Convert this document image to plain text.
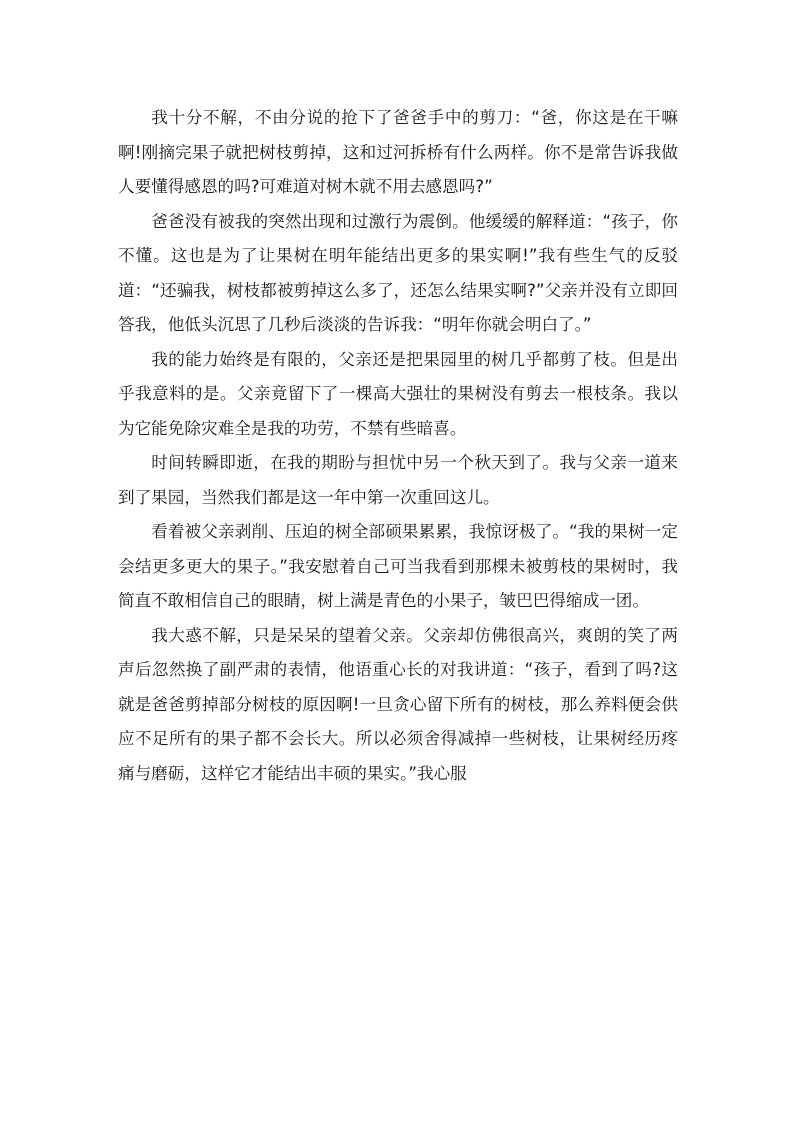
我十分不解，不由分说的抢下了爸爸手中的剪刀：“爸，你这是在干嘛啊!刚摘完果子就把树枝剪掉，这和过河拆桥有什么两样。你不是常告诉我做人要懂得感恩的吗?可难道对树木就不用去感恩吗?”

爸爸没有被我的突然出现和过激行为震倒。他缓缓的解释道：“孩子，你不懂。这也是为了让果树在明年能结出更多的果实啊!”我有些生气的反驳道：“还骗我，树枝都被剪掉这么多了，还怎么结果实啊?”父亲并没有立即回答我，他低头沉思了几秒后淡淡的告诉我：“明年你就会明白了。”

我的能力始终是有限的，父亲还是把果园里的树几乎都剪了枝。但是出乎我意料的是。父亲竟留下了一棵高大强壮的果树没有剪去一根枝条。我以为它能免除灾难全是我的功劳，不禁有些暗喜。

时间转瞬即逝，在我的期盼与担忧中另一个秋天到了。我与父亲一道来到了果园，当然我们都是这一年中第一次重回这儿。

看着被父亲剥削、压迫的树全部硕果累累，我惊讶极了。“我的果树一定会结更多更大的果子。”我安慰着自己可当我看到那棵未被剪枝的果树时，我简直不敢相信自己的眼睛，树上满是青色的小果子，皱巴巴得缩成一团。

我大惑不解，只是呆呆的望着父亲。父亲却仿佛很高兴，爽朗的笑了两声后忽然换了副严肃的表情，他语重心长的对我讲道：“孩子，看到了吗?这就是爸爸剪掉部分树枝的原因啊!一旦贪心留下所有的树枝，那么养料便会供应不足所有的果子都不会长大。所以必须舍得减掉一些树枝，让果树经历疼痛与磨砺，这样它才能结出丰硕的果实。”我心服
